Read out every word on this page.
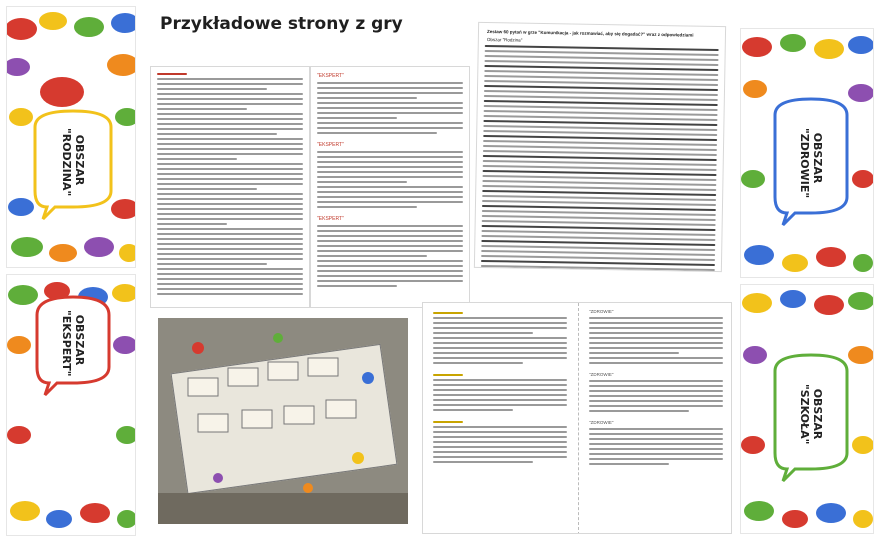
Przykładowe strony z gry
OBSZAR
"RODZINA"
OBSZAR
"EKSPERT"
"EKSPERT"
"EKSPERT"
"EKSPERT"
Zestaw 60 pytań w grze "Komunikacja - jak rozmawiać, aby się dogadać?" wraz z odpowiedziami
Obszar "Rodzina"
"ZDROWIE"
"ZDROWIE"
"ZDROWIE"
OBSZAR
"ZDROWIE"
OBSZAR
"SZKOŁA"
